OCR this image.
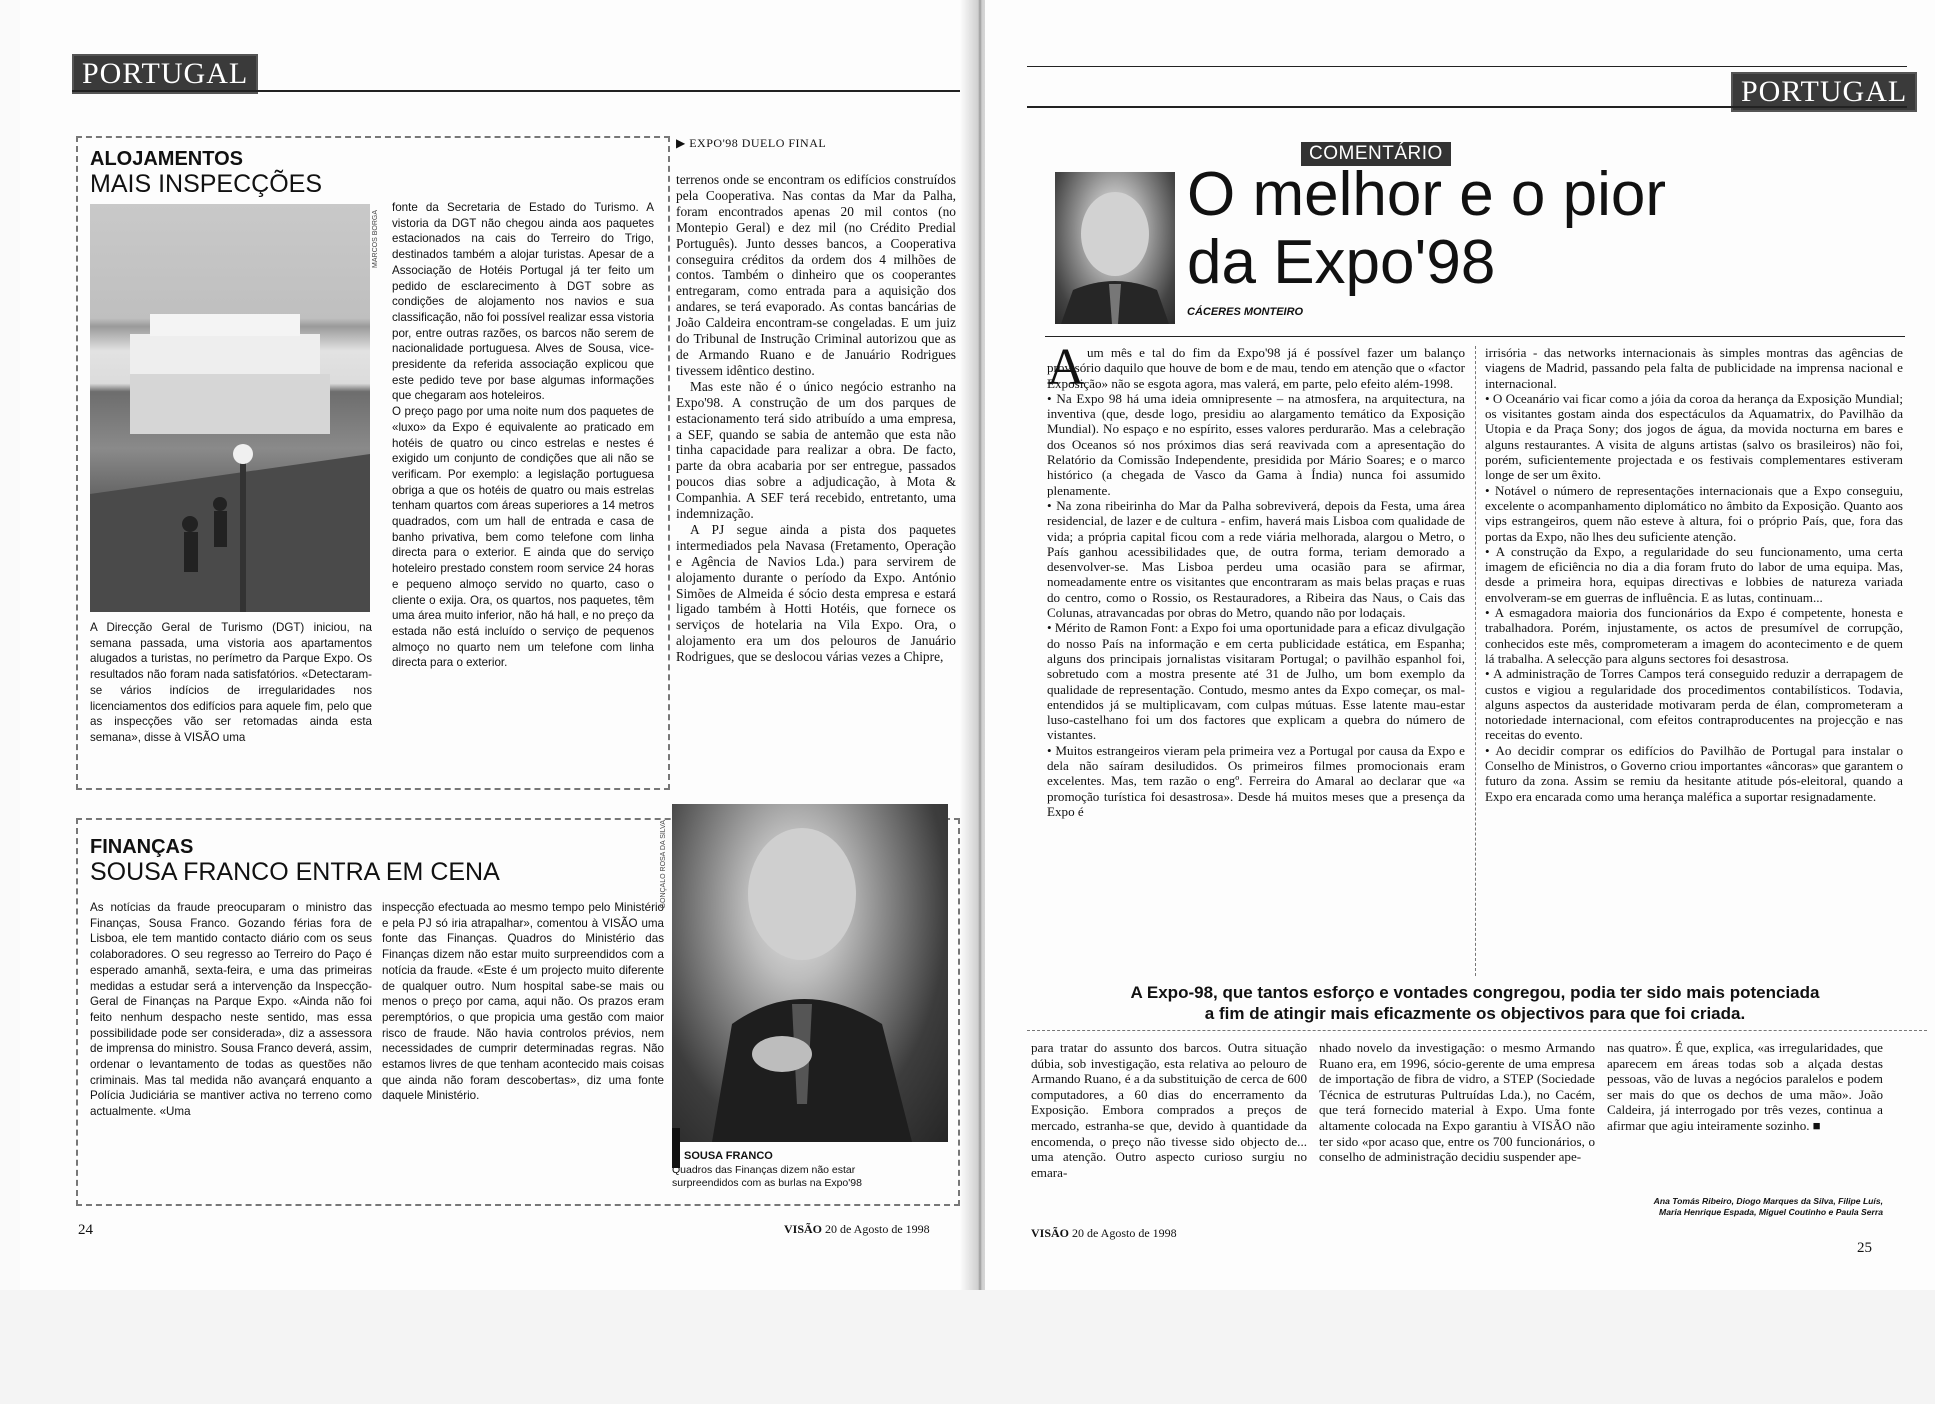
PORTUGAL
ALOJAMENTOS
MAIS INSPECÇÕES
MARCOS BORGA
A Direcção Geral de Turismo (DGT) iniciou, na semana passada, uma vistoria aos apartamentos alugados a turistas, no perímetro da Parque Expo. Os resultados não foram nada satisfatórios. «Detectaram-se vários indícios de irregularidades nos licenciamentos dos edifícios para aquele fim, pelo que as inspecções vão ser retomadas ainda esta semana», disse à VISÃO uma

fonte da Secretaria de Estado do Turismo. A vistoria da DGT não chegou ainda aos paquetes estacionados na cais do Terreiro do Trigo, destinados também a alojar turistas. Apesar de a Associação de Hotéis Portugal já ter feito um pedido de esclarecimento à DGT sobre as condições de alojamento nos navios e sua classificação, não foi possível realizar essa vistoria por, entre outras razões, os barcos não serem de nacionalidade portuguesa. Alves de Sousa, vice-presidente da referida associação explicou que este pedido teve por base algumas informações que chegaram aos hoteleiros.

O preço pago por uma noite num dos paquetes de «luxo» da Expo é equivalente ao praticado em hotéis de quatro ou cinco estrelas e nestes é exigido um conjunto de condições que ali não se verificam. Por exemplo: a legislação portuguesa obriga a que os hotéis de quatro ou mais estrelas tenham quartos com áreas superiores a 14 metros quadrados, com um hall de entrada e casa de banho privativa, bem como telefone com linha directa para o exterior. E ainda que do serviço hoteleiro prestado constem room service 24 horas e pequeno almoço servido no quarto, caso o cliente o exija. Ora, os quartos, nos paquetes, têm uma área muito inferior, não há hall, e no preço da estada não está incluído o serviço de pequenos almoço no quarto nem um telefone com linha directa para o exterior.

▶ EXPO'98 DUELO FINAL

terrenos onde se encontram os edifícios construídos pela Cooperativa. Nas contas da Mar da Palha, foram encontrados apenas 20 mil contos (no Montepio Geral) e dez mil (no Crédito Predial Português). Junto desses bancos, a Cooperativa conseguira créditos da ordem dos 4 milhões de contos. Também o dinheiro que os cooperantes entregaram, como entrada para a aquisição dos andares, se terá evaporado. As contas bancárias de João Caldeira encontram-se congeladas. E um juiz do Tribunal de Instrução Criminal autorizou que as de Armando Ruano e de Januário Rodrigues tivessem idêntico destino.

Mas este não é o único negócio estranho na Expo'98. A construção de um dos parques de estacionamento terá sido atribuído a uma empresa, a SEF, quando se sabia de antemão que esta não tinha capacidade para realizar a obra. De facto, parte da obra acabaria por ser entregue, passados poucos dias sobre a adjudicação, à Mota & Companhia. A SEF terá recebido, entretanto, uma indemnização.

A PJ segue ainda a pista dos paquetes intermediados pela Navasa (Fretamento, Operação e Agência de Navios Lda.) para servirem de alojamento durante o período da Expo. António Simões de Almeida é sócio desta empresa e estará ligado também à Hotti Hotéis, que fornece os serviços de hotelaria na Vila Expo. Ora, o alojamento era um dos pelouros de Januário Rodrigues, que se deslocou várias vezes a Chipre,

FINANÇAS
SOUSA FRANCO ENTRA EM CENA
As notícias da fraude preocuparam o ministro das Finanças, Sousa Franco. Gozando férias fora de Lisboa, ele tem mantido contacto diário com os seus colaboradores. O seu regresso ao Terreiro do Paço é esperado amanhã, sexta-feira, e uma das primeiras medidas a estudar será a intervenção da Inspecção-Geral de Finanças na Parque Expo. «Ainda não foi feito nenhum despacho neste sentido, mas essa possibilidade pode ser considerada», diz a assessora de imprensa do ministro. Sousa Franco deverá, assim, ordenar o levantamento de todas as questões não criminais. Mas tal medida não avançará enquanto a Polícia Judiciária se mantiver activa no terreno como actualmente. «Uma
inspecção efectuada ao mesmo tempo pelo Ministério e pela PJ só iria atrapalhar», comentou à VISÃO uma fonte das Finanças. Quadros do Ministério das Finanças dizem não estar muito surpreendidos com a notícia da fraude. «Este é um projecto muito diferente de qualquer outro. Num hospital sabe-se mais ou menos o preço por cama, aqui não. Os prazos eram peremptórios, o que propicia uma gestão com maior risco de fraude. Não havia controlos prévios, nem necessidades de cumprir determinadas regras. Não estamos livres de que tenham acontecido mais coisas que ainda não foram descobertas», diz uma fonte daquele Ministério.
GONÇALO ROSA DA SILVA
SOUSA FRANCO
Quadros das Finanças dizem não estar surpreendidos com as burlas na Expo'98
24	VISÃO 20 de Agosto de 1998
PORTUGAL
COMENTÁRIO
O melhor e o pior
da Expo'98
CÁCERES MONTEIRO
A um mês e tal do fim da Expo'98 já é possível fazer um balanço provisório daquilo que houve de bom e de mau, tendo em atenção que o «factor Exposição» não se esgota agora, mas valerá, em parte, pelo efeito além-1998.

• Na Expo 98 há uma ideia omnipresente – na atmosfera, na arquitectura, na inventiva (que, desde logo, presidiu ao alargamento temático da Exposição Mundial). No espaço e no espírito, esses valores perdurarão. Mas a celebração dos Oceanos só nos próximos dias será reavivada com a apresentação do Relatório da Comissão Independente, presidida por Mário Soares; e o marco histórico (a chegada de Vasco da Gama à Índia) nunca foi assumido plenamente.

• Na zona ribeirinha do Mar da Palha sobreviverá, depois da Festa, uma área residencial, de lazer e de cultura - enfim, haverá mais Lisboa com qualidade de vida; a própria capital ficou com a rede viária melhorada, alargou o Metro, o País ganhou acessibilidades que, de outra forma, teriam demorado a desenvolver-se. Mas Lisboa perdeu uma ocasião para se afirmar, nomeadamente entre os visitantes que encontraram as mais belas praças e ruas do centro, como o Rossio, os Restauradores, a Ribeira das Naus, o Cais das Colunas, atravancadas por obras do Metro, quando não por lodaçais.

• Mérito de Ramon Font: a Expo foi uma oportunidade para a eficaz divulgação do nosso País na informação e em certa publicidade estática, em Espanha; alguns dos principais jornalistas visitaram Portugal; o pavilhão espanhol foi, sobretudo com a mostra presente até 31 de Julho, um bom exemplo da qualidade de representação. Contudo, mesmo antes da Expo começar, os mal-entendidos já se multiplicavam, com culpas mútuas. Esse latente mau-estar luso-castelhano foi um dos factores que explicam a quebra do número de vistantes.

• Muitos estrangeiros vieram pela primeira vez a Portugal por causa da Expo e dela não saíram desiludidos. Os primeiros filmes promocionais eram excelentes. Mas, tem razão o engº. Ferreira do Amaral ao declarar que «a promoção turística foi desastrosa». Desde há muitos meses que a presença da Expo é

irrisória - das networks internacionais às simples montras das agências de viagens de Madrid, passando pela falta de publicidade na imprensa nacional e internacional.

• O Oceanário vai ficar como a jóia da coroa da herança da Exposição Mundial; os visitantes gostam ainda dos espectáculos da Aquamatrix, do Pavilhão da Utopia e da Praça Sony; dos jogos de água, da movida nocturna em bares e alguns restaurantes. A visita de alguns artistas (salvo os brasileiros) não foi, porém, suficientemente projectada e os festivais complementares estiveram longe de ser um êxito.

• Notável o número de representações internacionais que a Expo conseguiu, excelente o acompanhamento diplomático no âmbito da Exposição. Quanto aos vips estrangeiros, quem não esteve à altura, foi o próprio País, que, fora das portas da Expo, não lhes deu suficiente atenção.

• A construção da Expo, a regularidade do seu funcionamento, uma certa imagem de eficiência no dia a dia foram fruto do labor de uma equipa. Mas, desde a primeira hora, equipas directivas e lobbies de natureza variada envolveram-se em guerras de influência. E as lutas, continuam...

• A esmagadora maioria dos funcionários da Expo é competente, honesta e trabalhadora. Porém, injustamente, os actos de presumível de corrupção, conhecidos este mês, comprometeram a imagem do acontecimento e de quem lá trabalha. A selecção para alguns sectores foi desastrosa.

• A administração de Torres Campos terá conseguido reduzir a derrapagem de custos e vigiou a regularidade dos procedimentos contabilísticos. Todavia, alguns aspectos da austeridade motivaram perda de élan, comprometeram a notoriedade internacional, com efeitos contraproducentes na projecção e nas receitas do evento.

• Ao decidir comprar os edifícios do Pavilhão de Portugal para instalar o Conselho de Ministros, o Governo criou importantes «âncoras» que garantem o futuro da zona. Assim se remiu da hesitante atitude pós-eleitoral, quando a Expo era encarada como uma herança maléfica a suportar resignadamente.

A Expo-98, que tantos esforço e vontades congregou, podia ter sido mais potenciada
a fim de atingir mais eficazmente os objectivos para que foi criada.
para tratar do assunto dos barcos. Outra situação dúbia, sob investigação, esta relativa ao pelouro de Armando Ruano, é a da substituição de cerca de 600 computadores, a 60 dias do encerramento da Exposição. Embora comprados a preços de mercado, estranha-se que, devido à quantidade da encomenda, o preço não tivesse sido objecto de... uma atenção. Outro aspecto curioso surgiu no emara-
nhado novelo da investigação: o mesmo Armando Ruano era, em 1996, sócio-gerente de uma empresa de importação de fibra de vidro, a STEP (Sociedade Técnica de estruturas Pultruídas Lda.), no Cacém, que terá fornecido material à Expo. Uma fonte altamente colocada na Expo garantiu à VISÃO não ter sido «por acaso que, entre os 700 funcionários, o conselho de administração decidiu suspender ape-
nas quatro». É que, explica, «as irregularidades, que aparecem em áreas todas sob a alçada destas pessoas, vão de luvas a negócios paralelos e podem ser mais do que os dechos de uma mão». João Caldeira, já interrogado por três vezes, continua a afirmar que agiu inteiramente sozinho. ■
Ana Tomás Ribeiro, Diogo Marques da Silva, Filipe Luís,
Maria Henrique Espada, Miguel Coutinho e Paula Serra
VISÃO 20 de Agosto de 1998
25
